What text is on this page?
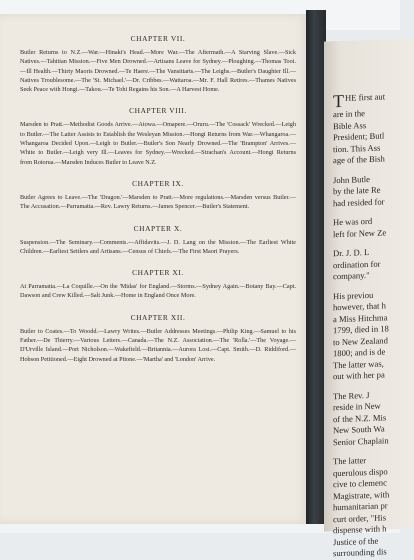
CHAPTER VII.
Butler Returns to N.Z.—War.—Hinaki's Head.—More War.—The Aftermath.—A Starving Slave.—Sick Natives.—Tahitian Mission.—Five Men Drowned.—Artisans Leave for Sydney.—Ploughing.—Thomas Tooi.—Ill Health.—Thirty Maoris Drowned.—Te Haere.—The Vansittarts.—The Leighs.—Butler's Daughter Ill.—Natives Troublesome.—The 'St. Michael.'—Dr. Cribbes.—Wattaroa.—Mr. F. Hall Retires.—Thames Natives Seek Peace with Hongi.—Takou.—Te Tohi Regains his Son.—A Harvest Home.
CHAPTER VIII.
Marsden to Pratt.—Methodist Goods Arrive.—Atowa.—Omapere.—Oruru.—The 'Cossack' Wrecked.—Leigh to Butler.—The Latter Assists to Establish the Wesleyan Mission.—Hongi Returns from War.—Whangaroa.—Whangaroa Decided Upon.—Leigh to Butler.—Butler's Son Nearly Drowned.—The 'Brampton' Arrives.—White to Butler.—Leigh very Ill.—Leaves for Sydney.—Wrecked.—Strachan's Account.—Hongi Returns from Rotorua.—Marsden Induces Butler to Leave N.Z.
CHAPTER IX.
Butler Agrees to Leave.—The 'Dragon.'—Marsden to Pratt.—More regulations.—Marsden versus Butler.—The Accusation.—Parramatta.—Rev. Lawry Returns.—James Spencer.—Butler's Statement.
CHAPTER X.
Suspension.—The Seminary.—Comments.—Affidavits.—J. D. Lang on the Mission.—The Earliest White Children.—Earliest Settlers and Artisans.—Census of Chiefs.—The First Maori Prayers.
CHAPTER XI.
At Parramatta.—La Coquille.—On the 'Midas' for England.—Storms.—Sydney Again.—Botany Bay.—Capt. Dawson and Crew Killed.—Salt Junk.—Home in England Once More.
CHAPTER XII.
Butler to Coates.—To Woodd.—Lawry Writes.—Butler Addresses Meetings.—Philip King.—Samuel to his Father.—De Thierry.—Various Letters.—Canada.—The N.Z. Association.—The 'Rolla.'—The Voyage.—D'Urville Island.—Port Nicholson.—Wakefield.—Britannia.—Aurora Lost.—Capt. Smith.—D. Riddiford.—Hobson Petitioned.—Eight Drowned at Pitone.—'Martha' and 'London' Arrive.
T HE first aut
are in the
Bible Ass
President; Butl
tion. This Ass
age of the Bish
John Butle
by the late Re
had resided for
He was ord
left for New Ze
Dr. J. D. L
ordination for
company."
His previou
however, that h
a Miss Hitchma
1799, died in 18
to New Zealand
1800; and is de
The latter was,
out with her pa
The Rev. J
reside in New
of the N.Z. Mis
New South Wa
Senior Chaplain
The latter
querulous dispo
cive to clemenc
Magistrate, with
humanitarian pr
curt order, "His
dispense with h
Justice of the
surrounding dis
